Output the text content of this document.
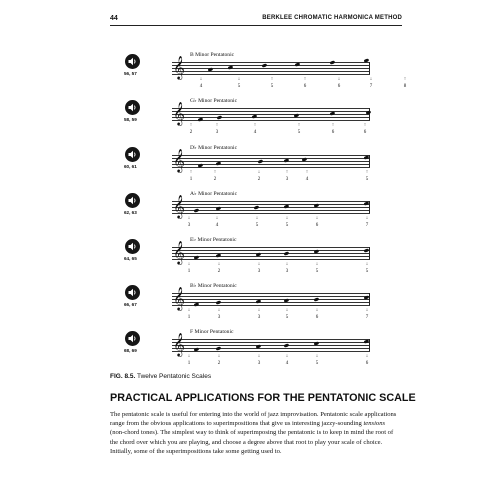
44	BERKLEE CHROMATIC HARMONICA METHOD
56, 57
B Minor Pentatonic
𝄞
↓
4
↓
5
↑
5
↑
6
↓
6
↓
7
↑
8
58, 59
G♭ Minor Pentatonic
𝄞
↑
2
↑
3
↑
4
↑
5
↑
6
↑
6
60, 61
D♭ Minor Pentatonic
𝄞
↑
1
↑
2
↓
2
↑
3
↑
4
↑
5
62, 63
A♭ Minor Pentatonic
𝄞
↓
3
↓
4
↓
5
↓
5
↓
6
↓
7
64, 65
E♭ Minor Pentatonic
𝄞
↓
1
↓
2
↓
3
↓
3
↓
5
↓
5
66, 67
B♭ Minor Pentatonic
𝄞
↓
1
↓
3
↓
3
↓
5
↓
6
↓
7
68, 69
F Minor Pentatonic
𝄞
↓
1
↓
2
↓
3
↓
4
↓
5
↓
6
FIG. 8.5. Twelve Pentatonic Scales
PRACTICAL APPLICATIONS FOR THE PENTATONIC SCALE

The pentatonic scale is useful for entering into the world of jazz improvisation. Pentatonic scale applications range from the obvious applications to superimpositions that give us interesting jazzy-sounding tensions (non-chord tones). The simplest way to think of superimposing the pentatonic is to keep in mind the root of the chord over which you are playing, and choose a degree above that root to play your scale of choice. Initially, some of the superimpositions take some getting used to.
